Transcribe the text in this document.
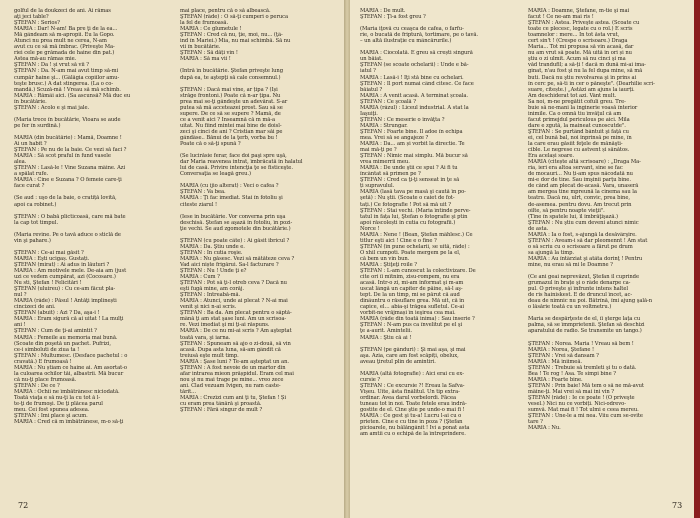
golful de la doukzeci de ani. Ai rămas
aţi jeci table?
ŞTEFAN : Serios?
MARIA : Dar! N-am! Ba pre ţi de la ea...
Mă gândeam să m-apropii. Eu la Gopo.
Atunci nu prea mult ne cerea, N-am
avut cu ce să mă îmbrac. (Priveşte Ma-
riei cele pe grămada de haine din pat.)
Astea mă-au rămas mie.
ŞTEFAN : Da ! și vrut să vii ?
ŞTEFAN : Da. N-am mai avut timp să-mi
cumpăr haine şi... (Gâlăgia copiilor amu-
teşte brusc.) A dat stingerea. (La o co-
mandă.) Scuză-mă ! Vreau să mă schimb.
MARIA : Rămâi aici. (Sa ascunsă? Mă duc eu
în bucătărie.
ŞTEFAN : Acolo e şi mai jale.

(Maria trece în bucătărie, Vioara se aude
pe fer în surdină.)

MARIA (din bucătărie) : Mamă, Doamne !
Ai un habit ?
ŞTEFAN : Pe nu de la baie. Ce vezi să faci ?
MARIA : Să scot praful în fund vasele
alea.
ŞTEFAN : Lasă-le ! Vine Suzana mâine. Azi
a spălat rufe.
MARIA : Cine e Suzana ? O femeie care-ţi
face curat ?

(Se aud : uşo de la baie, o cratiță lovită,
apoi ca robinet.)

ŞTEFAN : O babă plicticoasă, care mă bate
la cap tot timpul.

(Maria revine. Pe o tavă aduce o sticlă de
vin şi pahare.)

ŞTEFAN : Ce-ai mai găsit ?
MARIA : Eşti ucigaș. Gustați.
ŞTEFAN (mirat) : Ai adus în lăuturi ?
MARIA : Am motivele mele. De-aia am (just
uzi ce vedem cumpărat, azi (Cocosare.)
Nu sti, Ştefan ! Felicitări !
ŞTEFAN (uluireu) : Cu ce-am făcut pla-
nul ?
MARIA (râde) : Păsul ! Antăţi împlinești
cincizeci de ani.
ŞTEFAN (abuit) : Azi ? Da, aşa-i !
MARIA : Eram sigură că ai uitat ! La mulţi
ani !
ŞTEFAN : Cum de ţi-ai amintit ?
MARIA : Femeile au memoria mai bună.
(Scoate din poşetă un pachet. Pufrizi,
ce-i simboluti de ziua ta !
ŞTEFAN : Multumesc. (Desface pachetul : o
cravată.) E frumoasă !
MARIA : Nu știam ce haine ai. Am asortat-o
la culoarea ochilor tăi, albastrii. Mă bucur
că nu-ţi place frumoasă.
ŞTEFAN : De ce ?
MARIA : Ochii ne îmbătrânesc niciodată.
Toată viaţa e să nu-ţi la cu tot ă l-
te-ţi de frumoşi. De ţi plăcea parul
meu. Cei fost spunea adesea.
ŞTEFAN : Îmi place şi acum.
MARIA : Cred că m îmbătrânese, m-o să-ţi
mai place, pentru că o să albească.
ŞTEFAN (râde) : O să-ţi cumperi o peruca
la fel de frumoasă.
MARIA : Ce glumetule !
ŞTEFAN : Cred că nu, ţie, moi, nu... (ţâ-
ind în Mariei.) Mia, nu mai schimbă. Să nu
vii în bucătărie.
ŞTEFAN : Să dăți vin !
MARIA : Să ma vii !

(Intră în bucătărie. Ştefan priveşte lung
după ea, te aştepţi să cale consemnul.)

ŞTEFAN : Dacă mai vine, ar țipa ? (Își
străge frontoni.) Poate că n-ar țipa. Nu
prea mai se-ţi gândeşte un adevărat. S-ar
putea să mă acceteazei prost. Sau să se
supere. De ce să se supere ? Mamă, de
ce a venit aici ? Înseamnă că m mă-a
uitat. Nu fiind mintei mai bine de doisl-
zeci şi cinci de ani ? Cristian mar săi pe
gândâse.. Bănui de la ţerb, vorba bu !
Poate că o să-ţi spună ?

(Se lucirăsie ferar, face doi paşi spre uşă,
dar Maria reavenea intrat, îmbrăcată în halatul
lui de casă. Privire intencţia ţe se fisticeşte.
Conversaţia se leagă greu.)

MARIA (cu ijio alterat) : Veci o cafea ?
ŞTEFAN : Va bea.
MARIA : Ţi fac imediat. Stai în fotoliu şi
citeste ziarul !

(Iese în bucătărie. Vor converna prin uşa
deschisă. Ştefan se aşază în fotoliu, în pozi-
ţie vechi. Se aud zgomotele din bucătărie.)

ŞTEFAN (cu poate câte) : Ai găsit ibricul ?
MARIA : Da. Ştiu unde e.
ŞTEFAN : În cutia roşie.
MARIA : Nu găsesc. Vezi să mătăteze ceva ?
Vad aici niște frigărui. Sa-l facturare ?
ŞTEFAN : Nu ! Unde ţi e?
MARIA : Cum ?
ŞTEFAN : Pot să ţi-l otreb ceva ? Dacă nu
eşti fugă mine, am corăj.
ŞTEFAN : Întreabă-mă.
MARIA : Atunci, unde ai plecat ? N-ai mai
venit şi nici n-ai scris.
ŞTEFAN : Ba da. Am plecat pentru o săptă-
mână ţi am stat şase luni. Am un scrisoa-
re. Vezi imediat şi mi ţi-ai răspuns.
MARIA : De ce nu mi-ai scris ? Am aşteptat
toată vara, şi iarna.
ŞTEFAN : Spuneam să ajo o zi-două, să vin
acasă. Dupa asta luna, să-am gândit că
treiusă eşte mult timp.
MARIA : Şase luni ? Te-am aşteptat un an.
ŞTEFAN : A fost nevoie de un martor din
afar intrarea mieon prășpidul. Eram cel mai
nou şi nu mai trage pe mine... vreo zece
ani. Clad vezuam Ivigen, nu ram caste-
tărit...
MARIA : Crezîzi cum ani ţi tu, Ştefan ! Și
cu eram prea tânără şi proastă.
ŞTEFAN : Fără singur de mult ?
72
MARIA : De mult.
ŞTEFAN : Ţi-a fost greu ?

(Maria iţovă cu ceaşca de cafea, o farfu-
rie, o bucată de friptură, tortimare, pe o tavă.
– un altă ilustrație cu mâncărurile.)

MARIA : Ciocolată. E greu să crești singură
un băiat.
ŞTEFAN (se scoate ochelarii) : Unde e bă-
iatul ?
MARIA : Lasă-i ! Îţi stă bine cu ochelari.
ŞTEFAN : Îl port numai când citesc. Ce face
băiatul ?
MARIA : A venit acasă. A terminat școala.
ŞTEFAN : Ce şcoală ?
MARIA (râzul) : Liceul industrial. A stat la
Iaşuiţi.
ŞTEFAN : Ce meserie o învăţta ?
MARIA : Strungar.
ŞTEFAN : Foarte bine. Il adoe în echipa
mea. Vrei să se angajeze ?
MARIA : Da... am și vorbit la directie. Te
mai mă-ţi pe ?
ŞTEFAN : Nimic mai simplu. Mă bucur să
vrea mimerrii meu.
MARIA : De unde ştii ce spui ? Ai fi tu
încântat să primen pe ?
ŞTEFAN : Cred ca ţi-ţi senseat in ţe să
ți supravulul.
MARIA (lasă tava pe masă şi caută în po-
şetă) : Nu ştii. (Scoate o caiet de fot-
tați.) Ce fotografie ! Pot să mă uit ?
ŞTEFAN : Stai vechi. (Maria întinde perve-
tatul in fața lui, Ştefan o fotografie şi ptin
apoi răscolești în cutia cu fotografii.)
Norce !
MARIA : Nene ! (Bean, Ştefan mâhlesc.) Ce
titlur eşti aici ! Cine e o fine ?
ŞTEFAN (în pune ochelarii, se uită, râde) :
O xhil cumpoti. Poate mergem pe la el,
că bem un vin bun.
MARIA : Ştiţeţi roile ?
ŞTEFAN : L-am cunoscut la colectivizare. De
cite ori îi mîtnim, zisu-rompem, nu era
acasă. Intr-o zi, mi-am înformat şi m-am
uscat lângă un capiter de păine, să-l aş-
tept. De la un timp, mi se părut că aud
dinâuntru o răsuflare grea. Mă uit, că în
capice, el… abia-şi trăgea sufletul. Ce-ai
vorbit-ne vrăjmași în ieşirea cea mai.
MARIA (râde din toată inima) : Sau inserie ?
ŞTEFAN : N-am pus ca învelitut pe el şi
ţe a-aurit. Amintelii.
MARIA : Ştiu că ai !

ŞTEFAN (pe gânduri) : Şi mai aşa, şi mai
aşa. Azia, care am fost scăpiți, obelux,
aveau ţiretul plin de amintiri.

MARIA (altă fotografie) : Aici erai cu ex-
cursie ?
ŞTEFAN : Ce excursie ?! Ereau la Safva-
Vișeu. Uite, ăsta finâlitul. Un tip extra-
ordinar. Avea darul vorbelordi. Făcea
tuneau tot în noi. Toate fetele erau îndră-
gostite de el. Cine ştie pe unde-o mai fi !
MARIA : Ce gest şi tu-a! Lucru l-ai cu o
prieten. Cine e cu tine în poza ? (Ştefan
picioarele, nu bălăngânit ! Ivi a ponat asta
am amtii cu o echipă de la întreprindere.
MARIA : Doamne, Ştefane, m-tie şi mai
facut ! Ce ne-am mai ris !
ŞTEFAN : Astea. Priveşte astea. (Scoate cu
toate ce plecesc, legate cu o rol.) E scris
toamnelor : mere... În tot ăsta vrut,
cert sin't ! (Crespe o scrisoare.) Draga
Maria... Tot mi propusa să vin acasă, dar
nu am vrut să poate. Mă uită în ori și nu
ştiu o zi ulmit. Acum să nu cinci şi ma
văd trandufil; a să-ți ! dacă m dună mi-ai ima-
ginat, n'au fost şi nu la fel dupa mine, să mă
buti. Dacă nu ştiu revolvarea şi în prins ai
în cerc pe, să-ti in cer o păneşte". (Dearhilie scri-
suare, citește.) „Astăzi am ajuns la iaurți.
Am deschiderat tot azi. Vânt mult.
Sa noi, m-ne pregătit cofuli greu. Tre-
buie să ne-mani la inginerie voasă înterior
inimile. Ca o omnă tiu învăţul că am
facut primejdul periculous pe aici. Mila
dare e zgută, la maineat cunoscutde".
ŞTEFAN : Se purtând bântuit şi față cu
ei, cel bună bal, noi înprinsă pe mine, în
la care erau găsiit feţele de mănăşti-
cible. Le negrese cu astvent și sănătos.
Era același soare.
MARIA (citește altă scrisoare) : „Draga Ma-
ria, ieri era altoa servant, sine se fac
de mocauri... Nu ți-am spus nâcodată nu
mi-e dor de tine. Sau imşinii parțu bine.
de când am plecat de-acasă. Vara, unaseră
am mergea tine mpreună la cinema sau la
teatru. Dacă nu, ulrt, convic, prea bine,
de-asemea. pentru dovu. Am trecut prin
oilte, să pentru noapte vieţii".
(Tine în spatele lui, îl îmbrăţişază.)
ŞTEFAN : Nu ştiu cum deveni atunci nimic
de asta.
MARIA : Ia o fost, s-ajungă la desăvârşire.
ŞTEFAN : Aveam-i să dar pleomennt ! Am stat
o să scriu cu o scrisoare a fărut pe drum
sa ajungă la timp.
MARIA : Au întârziat şi atâta dorinţ ! Pentru
mine, nu erau să mi le Doamne ?

(Ce ani geai neprevăzut, Ştefan îl cuprinde
grumazul în brațe şi o râde denarpe ca-
pul. O priveşte şi înfrunte intens haltel
de ris hainiskest. E de druncul încet, ac-
deau de nimnic nu poi. Bătrînă, îmi ajung şală-n
o lăsărie toată cu un voltmetru.)

Maria se despărţeste de el, îi şterge lața cu
palma, să se îmmprietenii. Ştefan să deschizi
aparatului de radio. Se transmite un tango.)

ŞTEFAN : Norea. Maria ! Vreau să bem !
MARIA : Norea, Ştefane !
ŞTEFAN : Vrei să dansam ?
MARIA : Mă îniimeă.
ŞTEFAN : Trebuie să tremleti şi tu o dată.
Bea ! Te rog ! Asa. Te simpi bine ?
MARIA : Foarte bine.
ŞTEFAN : Prin baie! Mă tem o să ne mă-avut
mâine-ţi. Mai vrei să mai ini vin ?
ŞTEFAN (râde) : Îe ce poate ! (O priveşte
vesel.) Nici nu ce vorbiți. Nici-odrevo-
sumvă. Mat mai fi ! Tot ulmi e ceea mereu.
ŞTEFAN : Une-le a mi nea. Viiu cum se-ovite
tare ?
MARIA : Nu.
73
